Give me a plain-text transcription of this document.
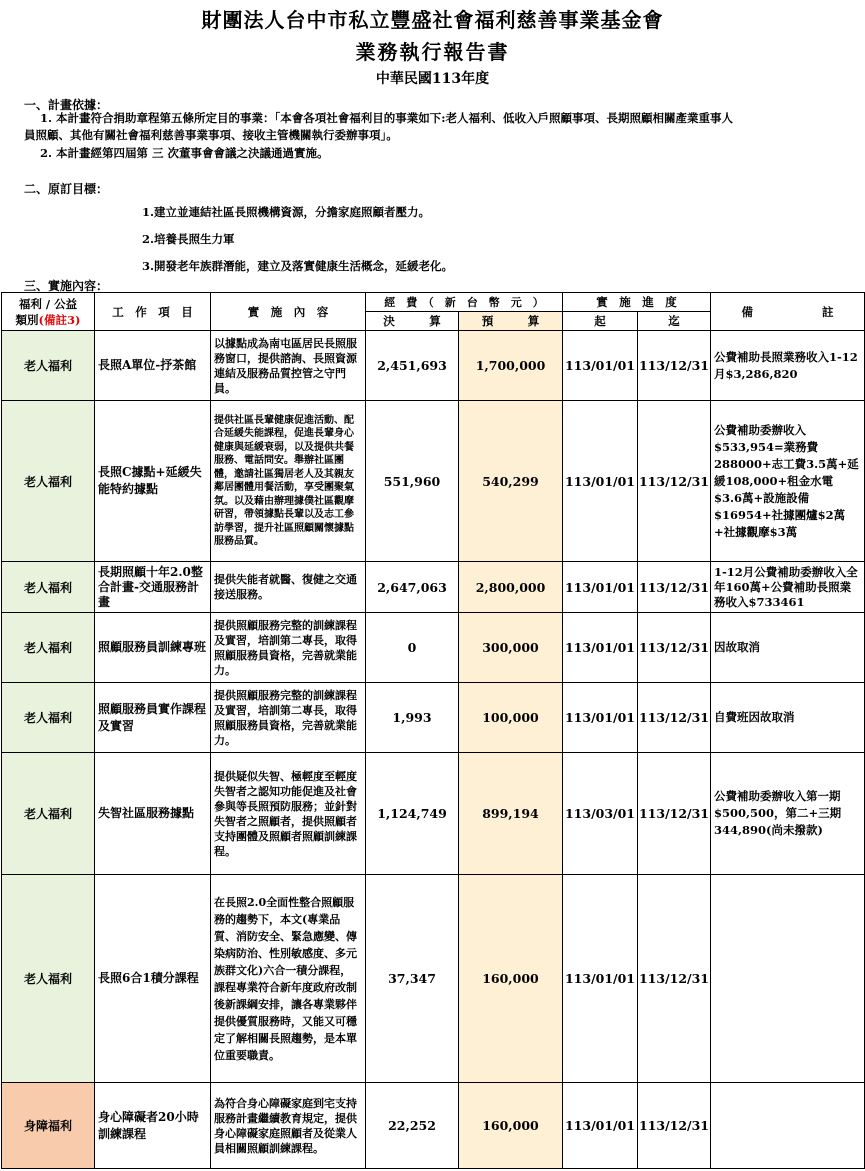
財團法人台中市私立豐盛社會福利慈善事業基金會
業務執行報告書
中華民國113年度
一、計畫依據：
1. 本計畫符合捐助章程第五條所定目的事業：「本會各項社會福利目的事業如下:老人福利、低收入戶照顧事項、長期照顧相關產業重事人
員照顧、其他有關社會福利慈善事業事項、接收主管機關執行委辦事項」。
2. 本計畫經第四屆第 三 次董事會會議之決議通過實施。
二、原訂目標：
1.建立並連結社區長照機構資源，分擔家庭照顧者壓力。
2.培養長照生力軍
3.開發老年族群潛能，建立及落實健康生活概念，延緩老化。
三、實施內容：
福利 / 公益
類別(備註3)	工　作　項　目	實　施　內　容	經　費　（　新　台　幣　元　）		實　施　進　度		備　　　　　　註
			決　　　算	預　　　算	起	迄	
老人福利	長照A單位-抒茶館	以據點成為南屯區居民長照服務窗口，提供諮詢、長照資源連結及服務品質控管之守門員。	2,451,693	1,700,000	113/01/01	113/12/31	公費補助長照業務收入1-12月$3,286,820
老人福利	長照C據點+延緩失能特約據點	提供社區長輩健康促進活動、配合延緩失能課程，促進長輩身心健康與延緩衰弱，以及提供共餐服務、電話問安。舉辦社區團體，邀請社區獨居老人及其親友鄰居團體用餐活動，享受團聚氣氛。以及藉由辦理據僕社區觀摩研習，帶領據點長輩以及志工參訪學習，提升社區照顧關懷據點服務品質。	551,960	540,299	113/01/01	113/12/31	公費補助委辦收入$533,954=業務費288000+志工費3.5萬+延緩108,000+租金水電$3.6萬+設施設備$16954+社據團爐$2萬+社據觀摩$3萬
老人福利	長期照顧十年2.0整合計畫-交通服務計畫	提供失能者就醫、復健之交通接送服務。	2,647,063	2,800,000	113/01/01	113/12/31	1-12月公費補助委辦收入全年160萬+公費補助長照業務收入$733461
老人福利	照顧服務員訓練專班	提供照顧服務完整的訓練課程及實習，培訓第二專長，取得照顧服務員資格，完善就業能力。	0	300,000	113/01/01	113/12/31	因故取消
老人福利	照顧服務員實作課程及實習	提供照顧服務完整的訓練課程及實習，培訓第二專長，取得照顧服務員資格，完善就業能力。	1,993	100,000	113/01/01	113/12/31	自費班因故取消
老人福利	失智社區服務據點	提供疑似失智、極輕度至輕度失智者之認知功能促進及社會參與等長照預防服務；並針對失智者之照顧者，提供照顧者支持團體及照顧者照顧訓練課程。	1,124,749	899,194	113/03/01	113/12/31	公費補助委辦收入第一期$500,500，第二+三期344,890(尚未撥款)
老人福利	長照6合1積分課程	在長照2.0全面性整合照顧服務的趨勢下，本文(專業品質、消防安全、緊急應變、傳染病防治、性別敏感度、多元族群文化)六合一積分課程，課程專業符合新年度政府改制後新課綱安排，讓各專業夥伴提供優質服務時，又能又可穩定了解相關長照趨勢，是本單位重要職責。	37,347	160,000	113/01/01	113/12/31	
身障福利	身心障礙者20小時訓練課程	為符合身心障礙家庭到宅支持服務計畫繼續教育規定，提供身心障礙家庭照顧者及從業人員相關照顧訓練課程。	22,252	160,000	113/01/01	113/12/31	
